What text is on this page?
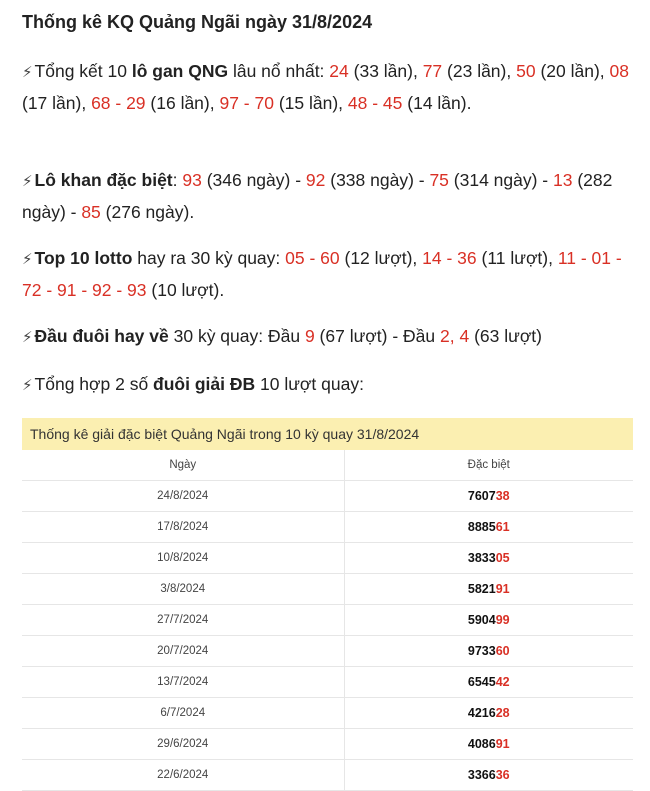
Thống kê KQ Quảng Ngãi ngày 31/8/2024
⚡ Tổng kết 10 lô gan QNG lâu nổ nhất: 24 (33 lần), 77 (23 lần), 50 (20 lần), 08 (17 lần), 68 - 29 (16 lần), 97 - 70 (15 lần), 48 - 45 (14 lần).
⚡ Lô khan đặc biệt: 93 (346 ngày) - 92 (338 ngày) - 75 (314 ngày) - 13 (282 ngày) - 85 (276 ngày).
⚡ Top 10 lotto hay ra 30 kỳ quay: 05 - 60 (12 lượt), 14 - 36 (11 lượt), 11 - 01 - 72 - 91 - 92 - 93 (10 lượt).
⚡ Đầu đuôi hay về 30 kỳ quay: Đầu 9 (67 lượt) - Đầu 2, 4 (63 lượt)
⚡ Tổng hợp 2 số đuôi giải ĐB 10 lượt quay:
Thống kê giải đặc biệt Quảng Ngãi trong 10 kỳ quay 31/8/2024
Ngày	Đặc biệt
24/8/2024	760738
17/8/2024	888561
10/8/2024	383305
3/8/2024	582191
27/7/2024	590499
20/7/2024	973360
13/7/2024	654542
6/7/2024	421628
29/6/2024	408691
22/6/2024	336636
